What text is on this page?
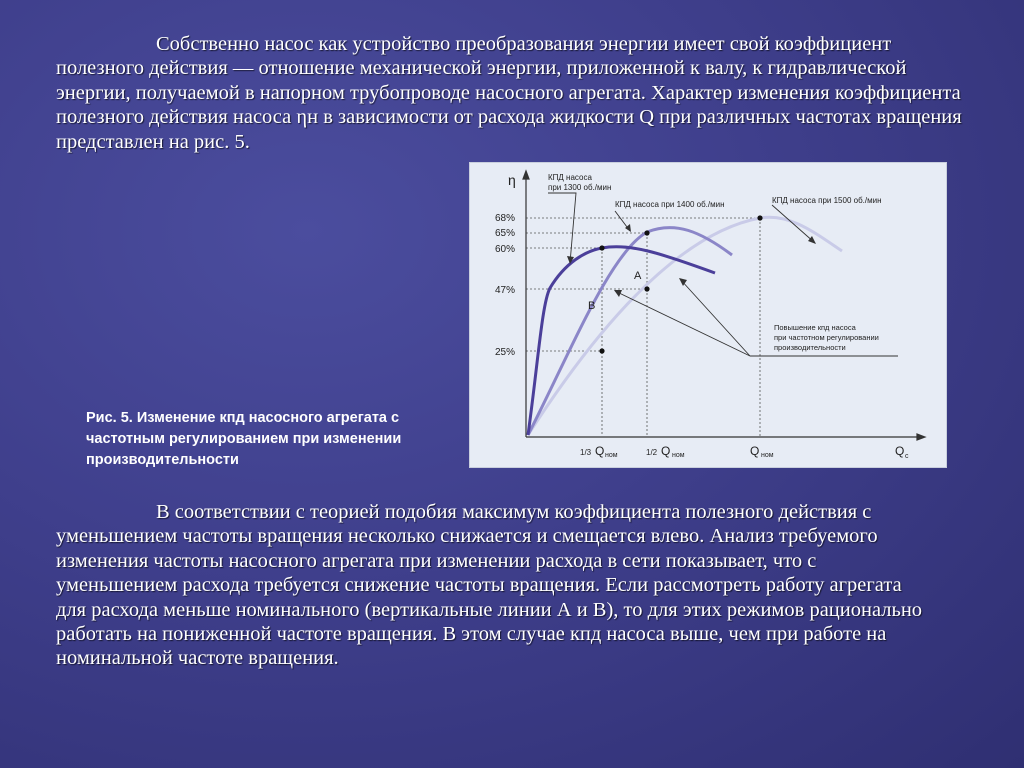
Собственно насос как устройство преобразования энергии имеет свой коэффициент полезного действия — отношение механической энергии, приложенной к валу, к гидравлической энергии, получаемой в напорном трубопроводе насосного агрегата. Характер изменения коэффициента полезного действия насоса ηн в зависимости от расхода жидкости Q при различных частотах вращения представлен на рис. 5.

Рис. 5. Изменение кпд насосного агрегата с частотным регулированием при изменении производительности
η
68%
65%
60%
47%
25%
1/3 Q ном	1/2 Q ном	Q ном	Q c
КПД насоса
при 1300 об./мин
КПД насоса при 1400 об./мин	КПД насоса при 1500 об./мин
А
В
Повышение кпд насоса
при частотном регулировании
производительности

В соответствии с теорией подобия максимум коэффициента полезного действия с уменьшением частоты вращения несколько снижается и смещается влево. Анализ требуемого изменения частоты насосного агрегата при изменении расхода в сети показывает, что с уменьшением расхода требуется снижение частоты вращения. Если рассмотреть работу агрегата для расхода меньше номинального (вертикальные линии А и В), то для этих режимов рационально работать на пониженной частоте вращения. В этом случае кпд насоса выше, чем при работе на номинальной частоте вращения.
